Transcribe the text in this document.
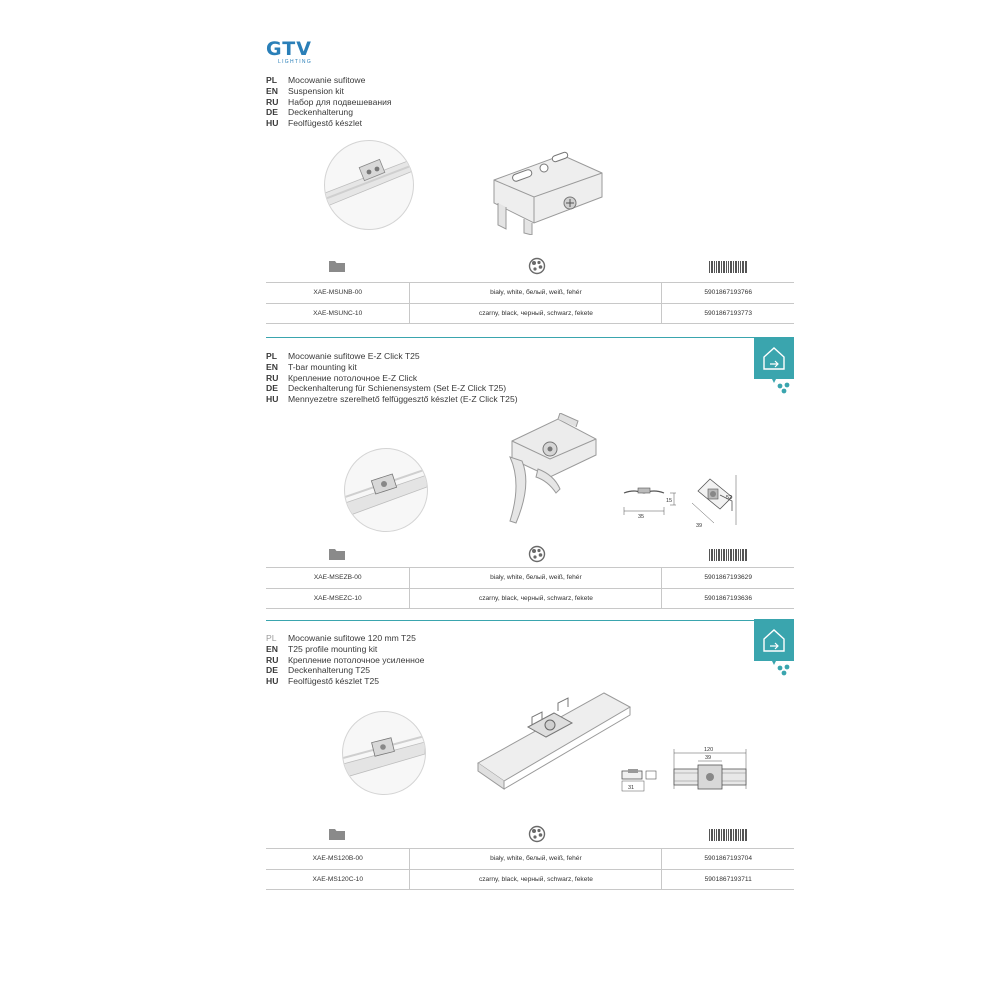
GTV
LIGHTING
PL Mocowanie sufitowe
EN Suspension kit
RU Набор для подвешевания
DE Deckenhalterung
HU Feolfügestő készlet
XAE-MSUNB-00	biały, white, белый, weiß, fehér	5901867193766
XAE-MSUNC-10	czarny, black, черный, schwarz, fekete	5901867193773
PL Mocowanie sufitowe E-Z Click T25
EN T-bar mounting kit
RU Крепление потолочное E-Z Click
DE Deckenhalterung für Schienensystem (Set E-Z Click T25)
HU Mennyezetre szerelhető felfüggesztő készlet (E-Z Click T25)
15
35
52
39
XAE-MSEZB-00	biały, white, белый, weiß, fehér	5901867193629
XAE-MSEZC-10	czarny, black, черный, schwarz, fekete	5901867193636
PL Mocowanie sufitowe 120 mm T25
EN T25 profile mounting kit
RU Крепление потолочное усиленное
DE Deckenhalterung T25
HU Feolfügestő készlet T25
31
120
39
XAE-MS120B-00	biały, white, белый, weiß, fehér	5901867193704
XAE-MS120C-10	czarny, black, черный, schwarz, fekete	5901867193711
